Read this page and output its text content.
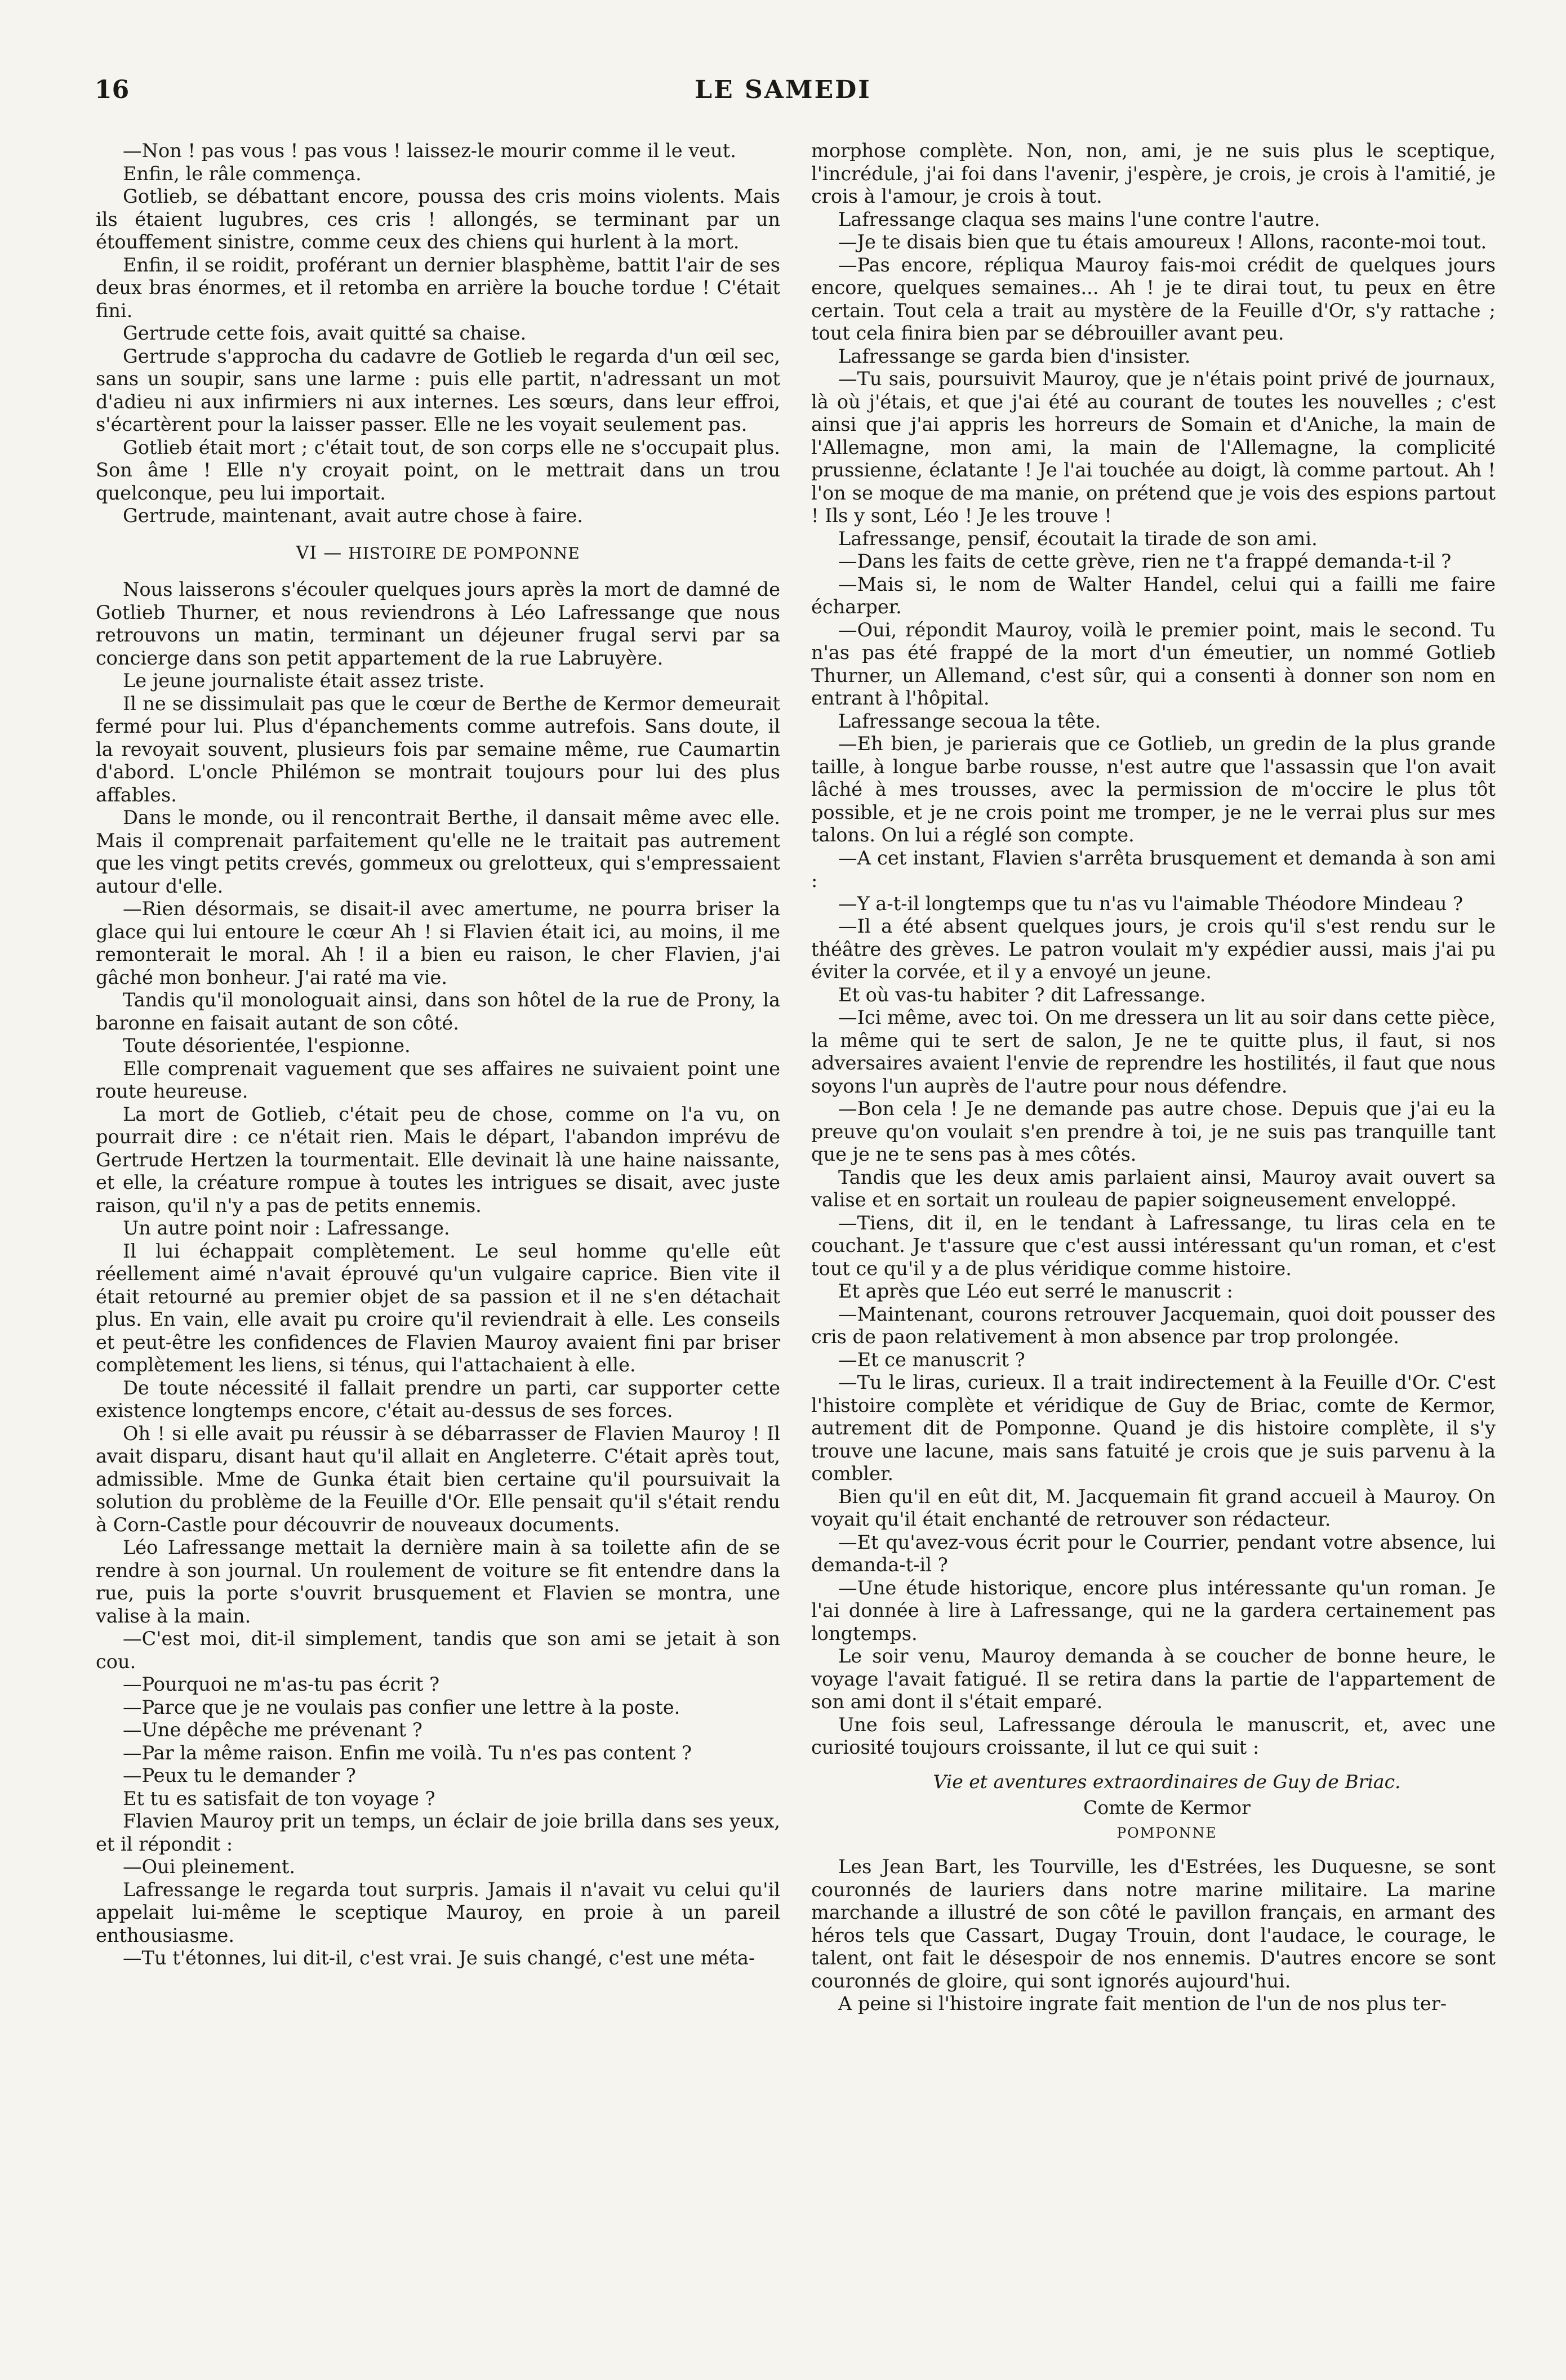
16	LE SAMEDI

—Non ! pas vous ! pas vous ! laissez-le mourir comme il le veut.

Enfin, le râle commença.

Gotlieb, se débattant encore, poussa des cris moins violents. Mais ils étaient lugubres, ces cris ! allongés, se terminant par un étouffement sinistre, comme ceux des chiens qui hurlent à la mort.

Enfin, il se roidit, proférant un dernier blasphème, battit l'air de ses deux bras énormes, et il retomba en arrière la bouche tordue ! C'était fini.

Gertrude cette fois, avait quitté sa chaise.

Gertrude s'approcha du cadavre de Gotlieb le regarda d'un œil sec, sans un soupir, sans une larme : puis elle partit, n'adressant un mot d'adieu ni aux infirmiers ni aux internes. Les sœurs, dans leur effroi, s'écartèrent pour la laisser passer. Elle ne les voyait seulement pas.

Gotlieb était mort ; c'était tout, de son corps elle ne s'occupait plus. Son âme ! Elle n'y croyait point, on le mettrait dans un trou quelconque, peu lui importait.

Gertrude, maintenant, avait autre chose à faire.

VI — HISTOIRE DE POMPONNE

Nous laisserons s'écouler quelques jours après la mort de damné de Gotlieb Thurner, et nous reviendrons à Léo Lafressange que nous retrouvons un matin, terminant un déjeuner frugal servi par sa concierge dans son petit appartement de la rue Labruyère.

Le jeune journaliste était assez triste.

Il ne se dissimulait pas que le cœur de Berthe de Kermor demeurait fermé pour lui. Plus d'épanchements comme autrefois. Sans doute, il la revoyait souvent, plusieurs fois par semaine même, rue Caumartin d'abord. L'oncle Philémon se montrait toujours pour lui des plus affables.

Dans le monde, ou il rencontrait Berthe, il dansait même avec elle. Mais il comprenait parfaitement qu'elle ne le traitait pas autrement que les vingt petits crevés, gommeux ou grelotteux, qui s'empressaient autour d'elle.

—Rien désormais, se disait-il avec amertume, ne pourra briser la glace qui lui entoure le cœur Ah ! si Flavien était ici, au moins, il me remonterait le moral. Ah ! il a bien eu raison, le cher Flavien, j'ai gâché mon bonheur. J'ai raté ma vie.

Tandis qu'il monologuait ainsi, dans son hôtel de la rue de Prony, la baronne en faisait autant de son côté.

Toute désorientée, l'espionne.

Elle comprenait vaguement que ses affaires ne suivaient point une route heureuse.

La mort de Gotlieb, c'était peu de chose, comme on l'a vu, on pourrait dire : ce n'était rien. Mais le départ, l'abandon imprévu de Gertrude Hertzen la tourmentait. Elle devinait là une haine naissante, et elle, la créature rompue à toutes les intrigues se disait, avec juste raison, qu'il n'y a pas de petits ennemis.

Un autre point noir : Lafressange.

Il lui échappait complètement. Le seul homme qu'elle eût réellement aimé n'avait éprouvé qu'un vulgaire caprice. Bien vite il était retourné au premier objet de sa passion et il ne s'en détachait plus. En vain, elle avait pu croire qu'il reviendrait à elle. Les conseils et peut-être les confidences de Flavien Mauroy avaient fini par briser complètement les liens, si ténus, qui l'attachaient à elle.

De toute nécessité il fallait prendre un parti, car supporter cette existence longtemps encore, c'était au-dessus de ses forces.

Oh ! si elle avait pu réussir à se débarrasser de Flavien Mauroy ! Il avait disparu, disant haut qu'il allait en Angleterre. C'était après tout, admissible. Mme de Gunka était bien certaine qu'il poursuivait la solution du problème de la Feuille d'Or. Elle pensait qu'il s'était rendu à Corn-Castle pour découvrir de nouveaux documents.

Léo Lafressange mettait la dernière main à sa toilette afin de se rendre à son journal. Un roulement de voiture se fit entendre dans la rue, puis la porte s'ouvrit brusquement et Flavien se montra, une valise à la main.

—C'est moi, dit-il simplement, tandis que son ami se jetait à son cou.

—Pourquoi ne m'as-tu pas écrit ?

—Parce que je ne voulais pas confier une lettre à la poste.

—Une dépêche me prévenant ?

—Par la même raison. Enfin me voilà. Tu n'es pas content ?

—Peux tu le demander ?

Et tu es satisfait de ton voyage ?

Flavien Mauroy prit un temps, un éclair de joie brilla dans ses yeux, et il répondit :

—Oui pleinement.

Lafressange le regarda tout surpris. Jamais il n'avait vu celui qu'il appelait lui-même le sceptique Mauroy, en proie à un pareil enthousiasme.

—Tu t'étonnes, lui dit-il, c'est vrai. Je suis changé, c'est une méta-

morphose complète. Non, non, ami, je ne suis plus le sceptique, l'incrédule, j'ai foi dans l'avenir, j'espère, je crois, je crois à l'amitié, je crois à l'amour, je crois à tout.

Lafressange claqua ses mains l'une contre l'autre.

—Je te disais bien que tu étais amoureux ! Allons, raconte-moi tout.

—Pas encore, répliqua Mauroy fais-moi crédit de quelques jours encore, quelques semaines... Ah ! je te dirai tout, tu peux en être certain. Tout cela a trait au mystère de la Feuille d'Or, s'y rattache ; tout cela finira bien par se débrouiller avant peu.

Lafressange se garda bien d'insister.

—Tu sais, poursuivit Mauroy, que je n'étais point privé de journaux, là où j'étais, et que j'ai été au courant de toutes les nouvelles ; c'est ainsi que j'ai appris les horreurs de Somain et d'Aniche, la main de l'Allemagne, mon ami, la main de l'Allemagne, la complicité prussienne, éclatante ! Je l'ai touchée au doigt, là comme partout. Ah ! l'on se moque de ma manie, on prétend que je vois des espions partout ! Ils y sont, Léo ! Je les trouve !

Lafressange, pensif, écoutait la tirade de son ami.

—Dans les faits de cette grève, rien ne t'a frappé demanda-t-il ?

—Mais si, le nom de Walter Handel, celui qui a failli me faire écharper.

—Oui, répondit Mauroy, voilà le premier point, mais le second. Tu n'as pas été frappé de la mort d'un émeutier, un nommé Gotlieb Thurner, un Allemand, c'est sûr, qui a consenti à donner son nom en entrant à l'hôpital.

Lafressange secoua la tête.

—Eh bien, je parierais que ce Gotlieb, un gredin de la plus grande taille, à longue barbe rousse, n'est autre que l'assassin que l'on avait lâché à mes trousses, avec la permission de m'occire le plus tôt possible, et je ne crois point me tromper, je ne le verrai plus sur mes talons. On lui a réglé son compte.

—A cet instant, Flavien s'arrêta brusquement et demanda à son ami :

—Y a-t-il longtemps que tu n'as vu l'aimable Théodore Mindeau ?

—Il a été absent quelques jours, je crois qu'il s'est rendu sur le théâtre des grèves. Le patron voulait m'y expédier aussi, mais j'ai pu éviter la corvée, et il y a envoyé un jeune.

Et où vas-tu habiter ? dit Lafressange.

—Ici même, avec toi. On me dressera un lit au soir dans cette pièce, la même qui te sert de salon, Je ne te quitte plus, il faut, si nos adversaires avaient l'envie de reprendre les hostilités, il faut que nous soyons l'un auprès de l'autre pour nous défendre.

—Bon cela ! Je ne demande pas autre chose. Depuis que j'ai eu la preuve qu'on voulait s'en prendre à toi, je ne suis pas tranquille tant que je ne te sens pas à mes côtés.

Tandis que les deux amis parlaient ainsi, Mauroy avait ouvert sa valise et en sortait un rouleau de papier soigneusement enveloppé.

—Tiens, dit il, en le tendant à Lafressange, tu liras cela en te couchant. Je t'assure que c'est aussi intéressant qu'un roman, et c'est tout ce qu'il y a de plus véridique comme histoire.

Et après que Léo eut serré le manuscrit :

—Maintenant, courons retrouver Jacquemain, quoi doit pousser des cris de paon relativement à mon absence par trop prolongée.

—Et ce manuscrit ?

—Tu le liras, curieux. Il a trait indirectement à la Feuille d'Or. C'est l'histoire complète et véridique de Guy de Briac, comte de Kermor, autrement dit de Pomponne. Quand je dis histoire complète, il s'y trouve une lacune, mais sans fatuité je crois que je suis parvenu à la combler.

Bien qu'il en eût dit, M. Jacquemain fit grand accueil à Mauroy. On voyait qu'il était enchanté de retrouver son rédacteur.

—Et qu'avez-vous écrit pour le Courrier, pendant votre absence, lui demanda-t-il ?

—Une étude historique, encore plus intéressante qu'un roman. Je l'ai donnée à lire à Lafressange, qui ne la gardera certainement pas longtemps.

Le soir venu, Mauroy demanda à se coucher de bonne heure, le voyage l'avait fatigué. Il se retira dans la partie de l'appartement de son ami dont il s'était emparé.

Une fois seul, Lafressange déroula le manuscrit, et, avec une curiosité toujours croissante, il lut ce qui suit :

Vie et aventures extraordinaires de Guy de Briac.

Comte de Kermor

POMPONNE

Les Jean Bart, les Tourville, les d'Estrées, les Duquesne, se sont couronnés de lauriers dans notre marine militaire. La marine marchande a illustré de son côté le pavillon français, en armant des héros tels que Cassart, Dugay Trouin, dont l'audace, le courage, le talent, ont fait le désespoir de nos ennemis. D'autres encore se sont couronnés de gloire, qui sont ignorés aujourd'hui.

A peine si l'histoire ingrate fait mention de l'un de nos plus ter-
